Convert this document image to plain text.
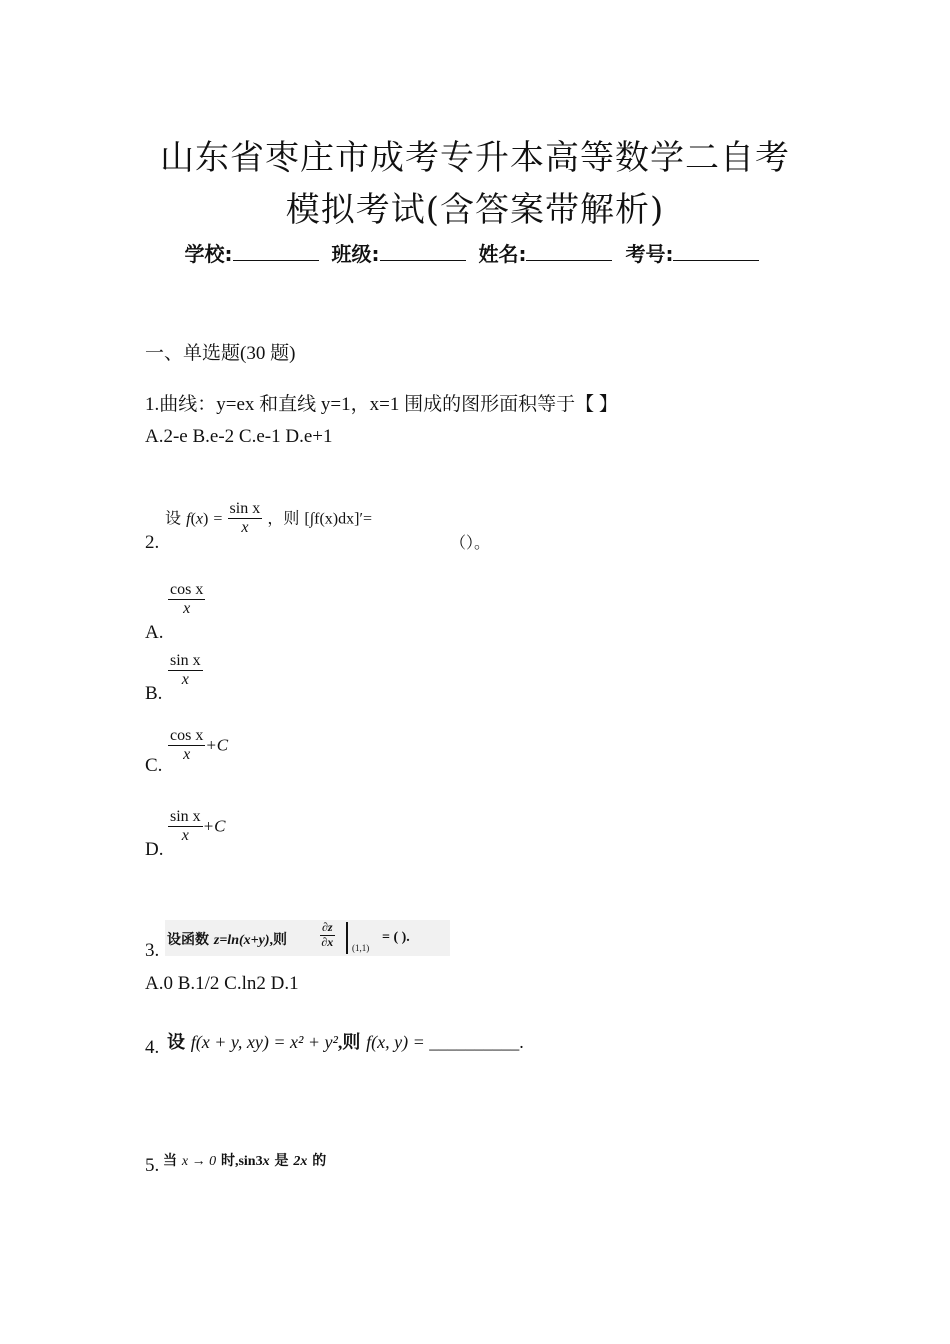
山东省枣庄市成考专升本高等数学二自考
模拟考试(含答案带解析)
学校:	班级:	姓名:	考号:
一、单选题(30 题)
1.曲线：y=ex 和直线 y=1，x=1 围成的图形面积等于【 】
A.2-e B.e-2 C.e-1 D.e+1
2.
设 $f(x) = \frac{\text{sin x}}{x}$ ，则 [∫f(x)dx]′=
（）。
A.
$\frac{\text{cos x}}{x}$
B.
$\frac{\text{sin x}}{x}$
C.
$\frac{\text{cos x}}{x} +C$
D.
$\frac{\text{sin x}}{x} +C$
3. 设函数 z=ln(x+y),则	$\frac{\partial z}{\partial x} (1,1)$
= ( ).
A.0 B.1/2 C.ln2 D.1
4. 设 f(x + y, xy) = x² + y²,则 f(x, y) = __________.
5. 当 x → 0 时,sin3x 是 2x 的
